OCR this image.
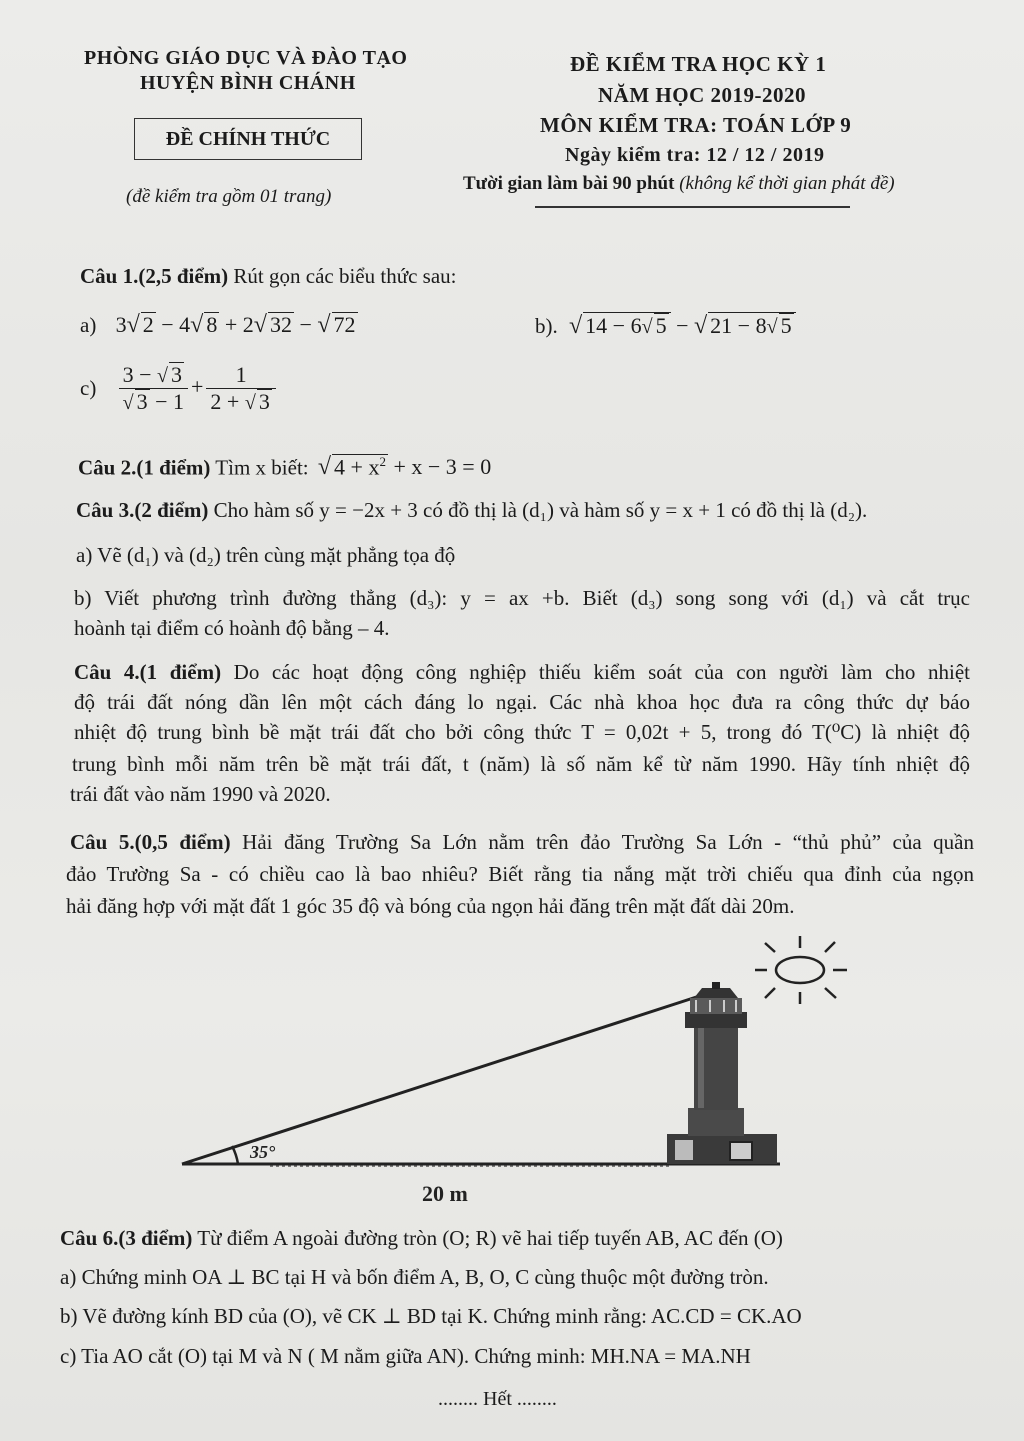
PHÒNG GIÁO DỤC VÀ ĐÀO TẠO
HUYỆN BÌNH CHÁNH
ĐỀ CHÍNH THỨC
(đề kiểm tra gồm 01 trang)
ĐỀ KIỂM TRA HỌC KỲ 1
NĂM HỌC 2019-2020
MÔN KIỂM TRA: TOÁN LỚP 9
Ngày kiểm tra: 12 / 12 / 2019
Tười gian làm bài 90 phút (không kể thời gian phát đề)
Câu 1.(2,5 điểm) Rút gọn các biểu thức sau:
a) 3√ 2 − 4√ 8 + 2√ 32 − √ 72	b). √ 14 − 6√ 5 − √ 21 − 8√ 5
$c) \frac{3 - √ 3}{√ 3 - 1} + \frac{1}{2 + √ 3}$
Câu 2.(1 điểm) Tìm x biết: √ $4 + x^2 + x - 3 = 0$
Câu 3.(2 điểm) Cho hàm số y = −2x + 3 có đồ thị là (d₁) và hàm số y = x + 1 có đồ thị là (d₂).
a) Vẽ (d₁) và (d₂) trên cùng mặt phẳng tọa độ
b) Viết phương trình đường thẳng (d₃): y = ax +b. Biết (d₃) song song với (d₁) và cắt trục
hoành tại điểm có hoành độ bằng – 4.
Câu 4.(1 điểm) Do các hoạt động công nghiệp thiếu kiểm soát của con người làm cho nhiệt
độ trái đất nóng dần lên một cách đáng lo ngại. Các nhà khoa học đưa ra công thức dự báo
nhiệt độ trung bình bề mặt trái đất cho bởi công thức T = 0,02t + 5, trong đó T(⁰C) là nhiệt độ
trung bình mỗi năm trên bề mặt trái đất, t (năm) là số năm kể từ năm 1990. Hãy tính nhiệt độ
trái đất vào năm 1990 và 2020.
Câu 5.(0,5 điểm) Hải đăng Trường Sa Lớn nằm trên đảo Trường Sa Lớn - “thủ phủ” của quần
đảo Trường Sa - có chiều cao là bao nhiêu? Biết rằng tia nắng mặt trời chiếu qua đỉnh của ngọn
hải đăng hợp với mặt đất 1 góc 35 độ và bóng của ngọn hải đăng trên mặt đất dài 20m.
35°
20 m
Câu 6.(3 điểm) Từ điểm A ngoài đường tròn (O; R) vẽ hai tiếp tuyến AB, AC đến (O)
a) Chứng minh OA ⊥ BC tại H và bốn điểm A, B, O, C cùng thuộc một đường tròn.
b) Vẽ đường kính BD của (O), vẽ CK ⊥ BD tại K. Chứng minh rằng: AC.CD = CK.AO
c) Tia AO cắt (O) tại M và N ( M nằm giữa AN). Chứng minh: MH.NA = MA.NH
........ Hết ........
